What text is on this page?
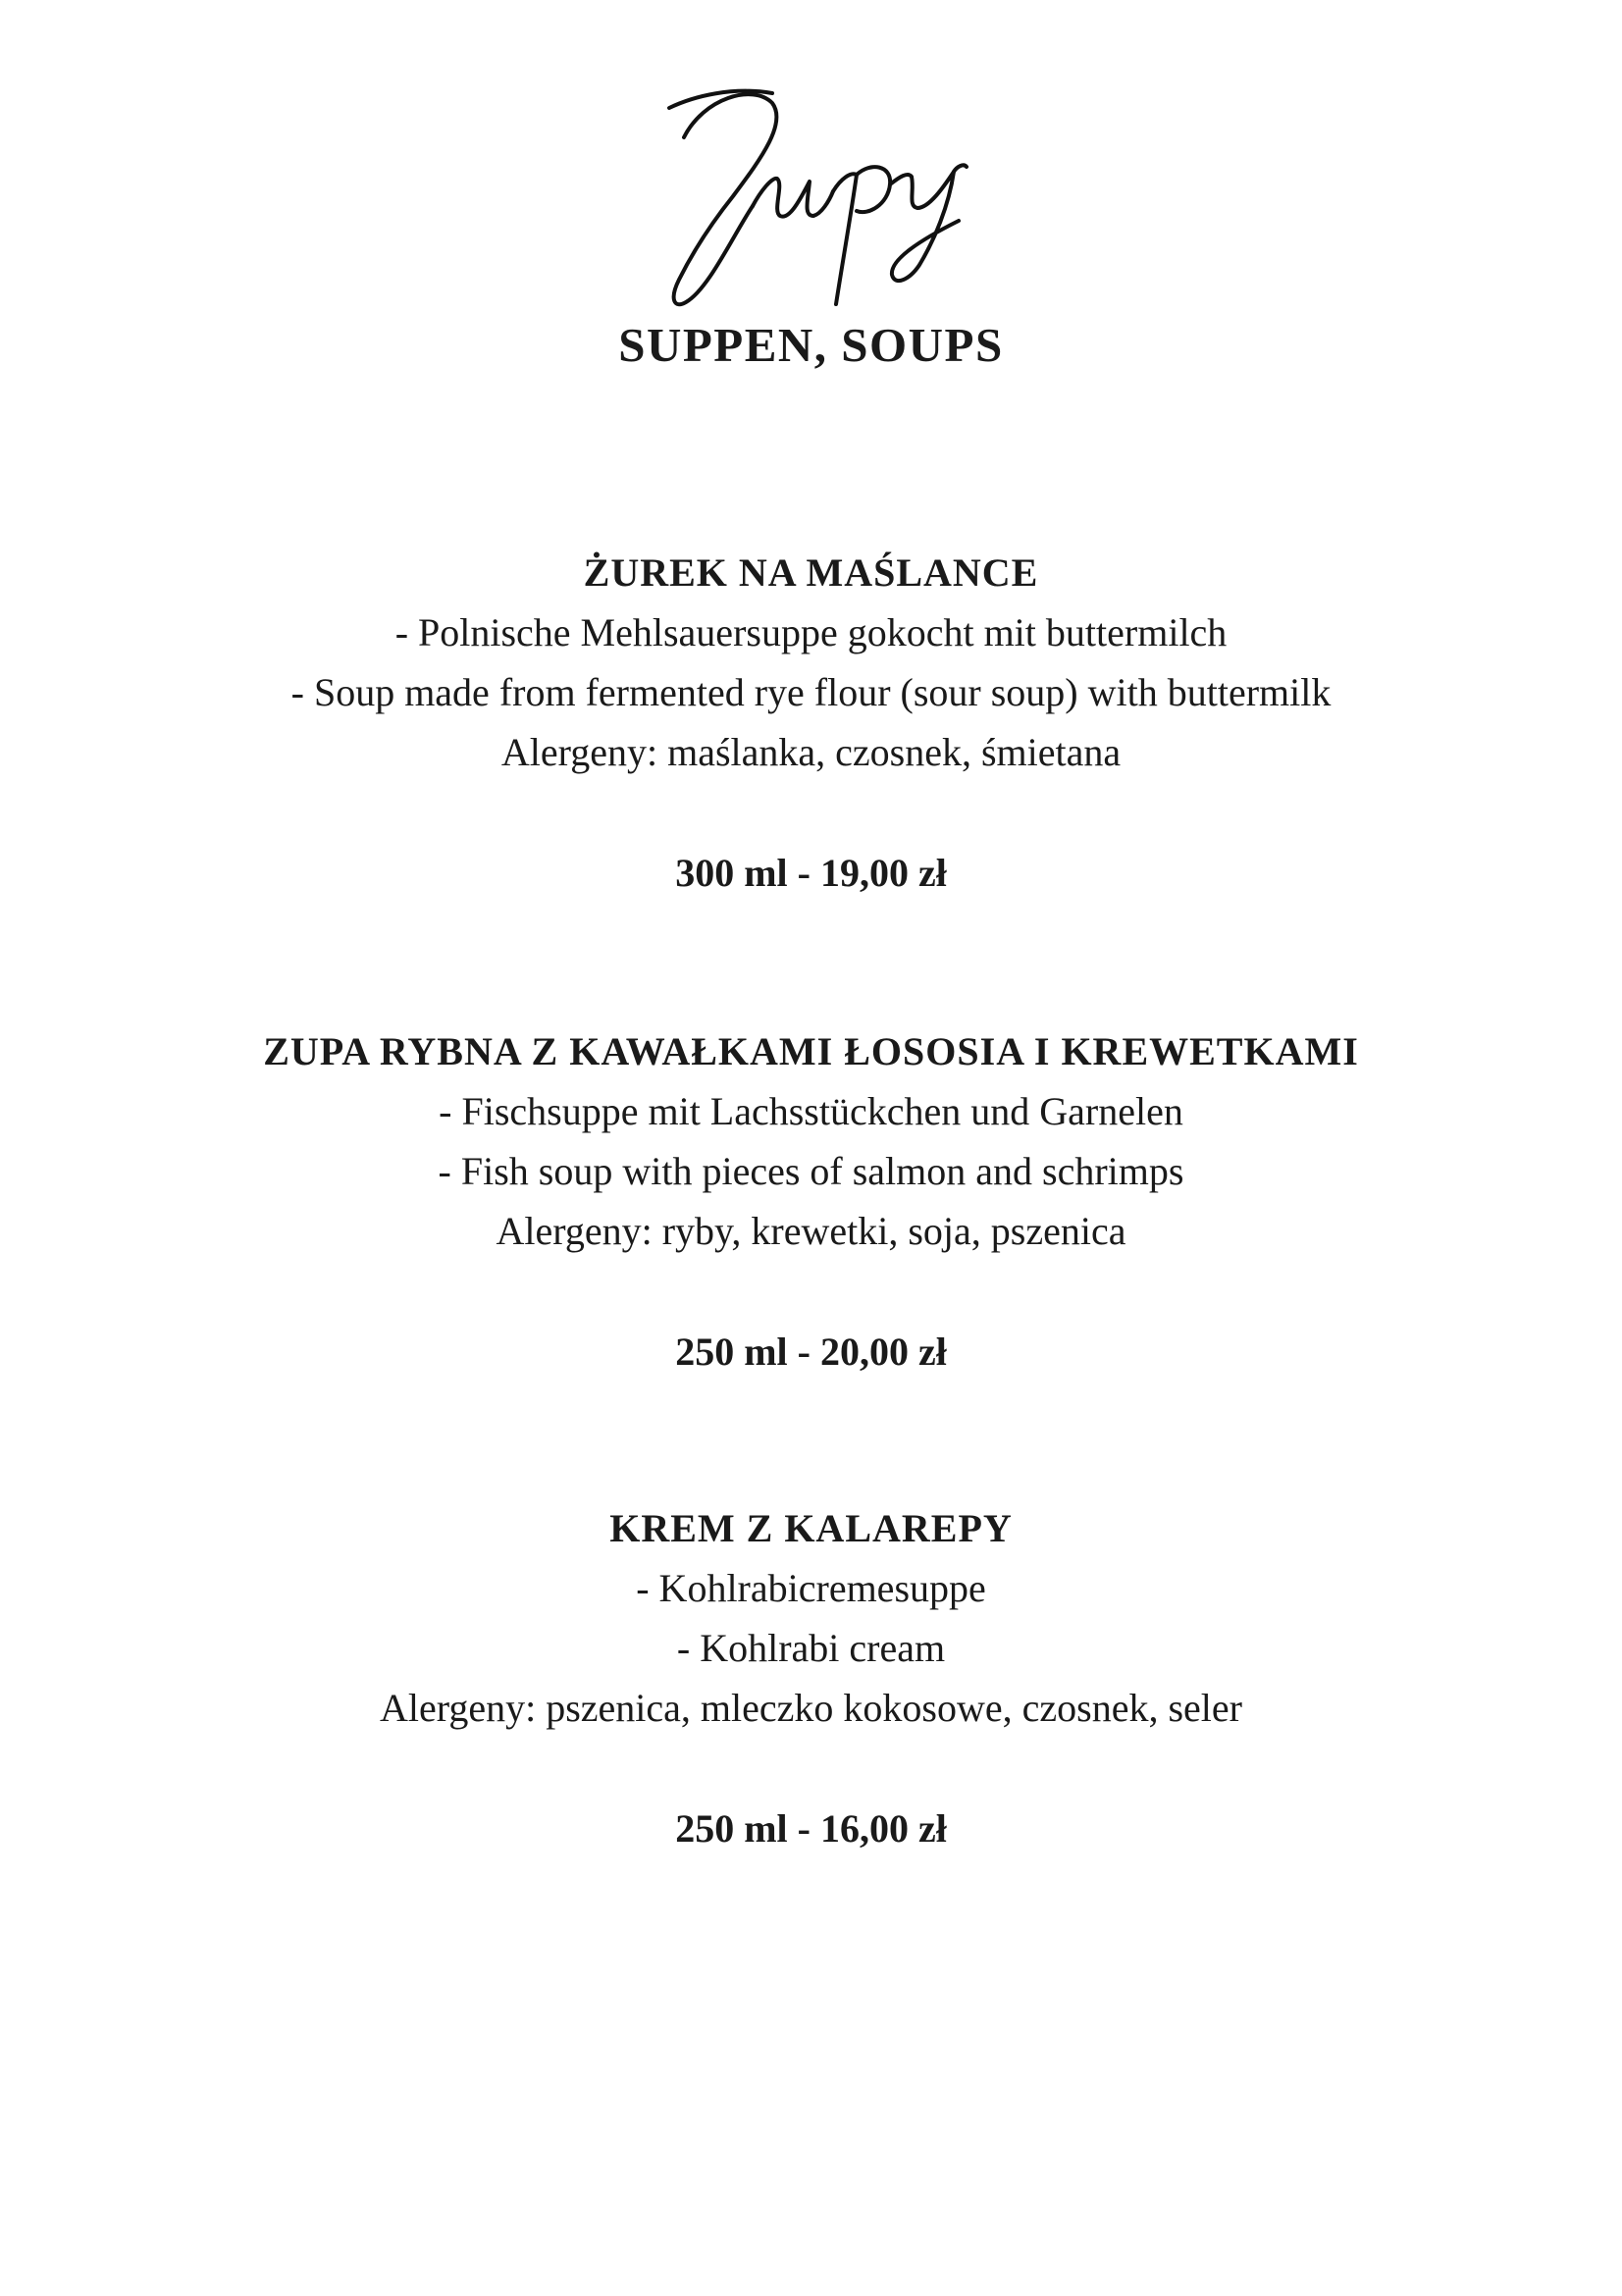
SUPPEN, SOUPS

ŻUREK NA MAŚLANCE

- Polnische Mehlsauersuppe gokocht mit buttermilch

- Soup made from fermented rye flour (sour soup) with buttermilk

Alergeny: maślanka, czosnek, śmietana

300 ml - 19,00 zł

ZUPA RYBNA Z KAWAŁKAMI ŁOSOSIA I KREWETKAMI

- Fischsuppe mit Lachsstückchen und Garnelen

- Fish soup with pieces of salmon and schrimps

Alergeny: ryby, krewetki, soja, pszenica

250 ml - 20,00 zł

KREM Z KALAREPY

- Kohlrabicremesuppe

- Kohlrabi cream

Alergeny: pszenica, mleczko kokosowe, czosnek, seler

250 ml - 16,00 zł
